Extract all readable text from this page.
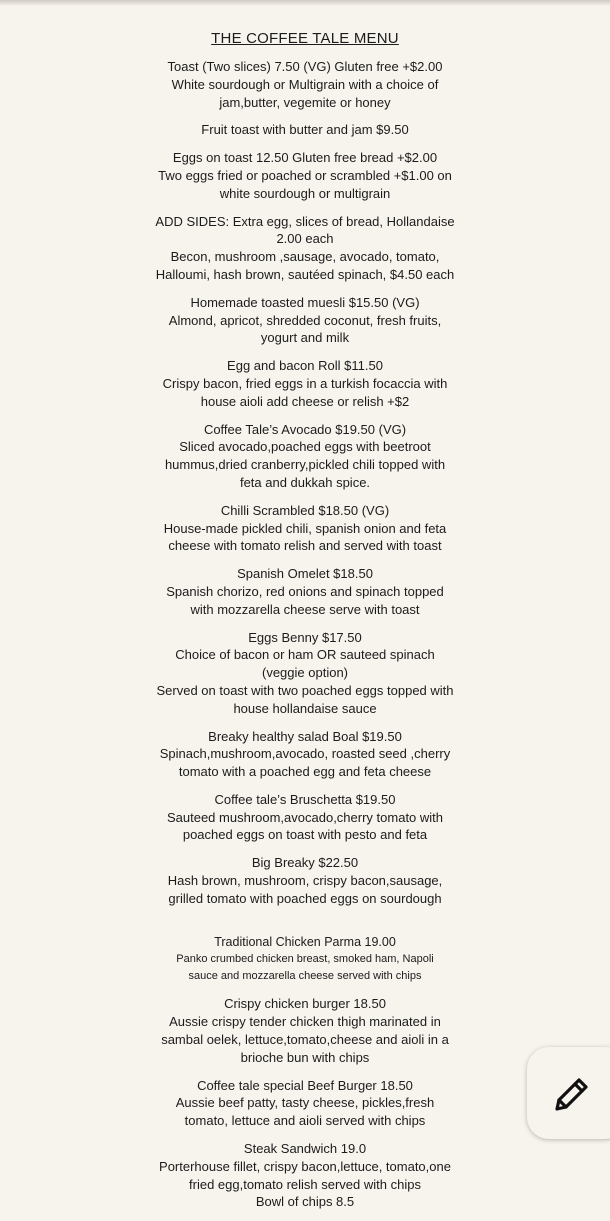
THE COFFEE TALE MENU

Toast (Two slices) 7.50 (VG) Gluten free +$2.00

White sourdough or Multigrain with a choice of

jam,butter, vegemite or honey

Fruit toast with butter and jam $9.50

Eggs on toast 12.50 Gluten free bread +$2.00

Two eggs fried or poached or scrambled +$1.00 on

white sourdough or multigrain

ADD SIDES: Extra egg, slices of bread, Hollandaise

2.00 each

Becon, mushroom ,sausage, avocado, tomato,

Halloumi, hash brown, sautéed spinach, $4.50 each

Homemade toasted muesli $15.50 (VG)

Almond, apricot, shredded coconut, fresh fruits,

yogurt and milk

Egg and bacon Roll $11.50

Crispy bacon, fried eggs in a turkish focaccia with

house aioli add cheese or relish +$2

Coffee Tale’s Avocado $19.50 (VG)

Sliced avocado,poached eggs with beetroot

hummus,dried cranberry,pickled chili topped with

feta and dukkah spice.

Chilli Scrambled $18.50 (VG)

House-made pickled chili, spanish onion and feta

cheese with tomato relish and served with toast

Spanish Omelet $18.50

Spanish chorizo, red onions and spinach topped

with mozzarella cheese serve with toast

Eggs Benny $17.50

Choice of bacon or ham OR sauteed spinach

(veggie option)

Served on toast with two poached eggs topped with

house hollandaise sauce

Breaky healthy salad Boal $19.50

Spinach,mushroom,avocado, roasted seed ,cherry

tomato with a poached egg and feta cheese

Coffee tale’s Bruschetta $19.50

Sauteed mushroom,avocado,cherry tomato with

poached eggs on toast with pesto and feta

Big Breaky $22.50

Hash brown, mushroom, crispy bacon,sausage,

grilled tomato with poached eggs on sourdough

Traditional Chicken Parma 19.00

Panko crumbed chicken breast, smoked ham, Napoli

sauce and mozzarella cheese served with chips

Crispy chicken burger 18.50

Aussie crispy tender chicken thigh marinated in

sambal oelek, lettuce,tomato,cheese and aioli in a

brioche bun with chips

Coffee tale special Beef Burger 18.50

Aussie beef patty, tasty cheese, pickles,fresh

tomato, lettuce and aioli served with chips

Steak Sandwich 19.0

Porterhouse fillet, crispy bacon,lettuce, tomato,one

fried egg,tomato relish served with chips

Bowl of chips 8.5
